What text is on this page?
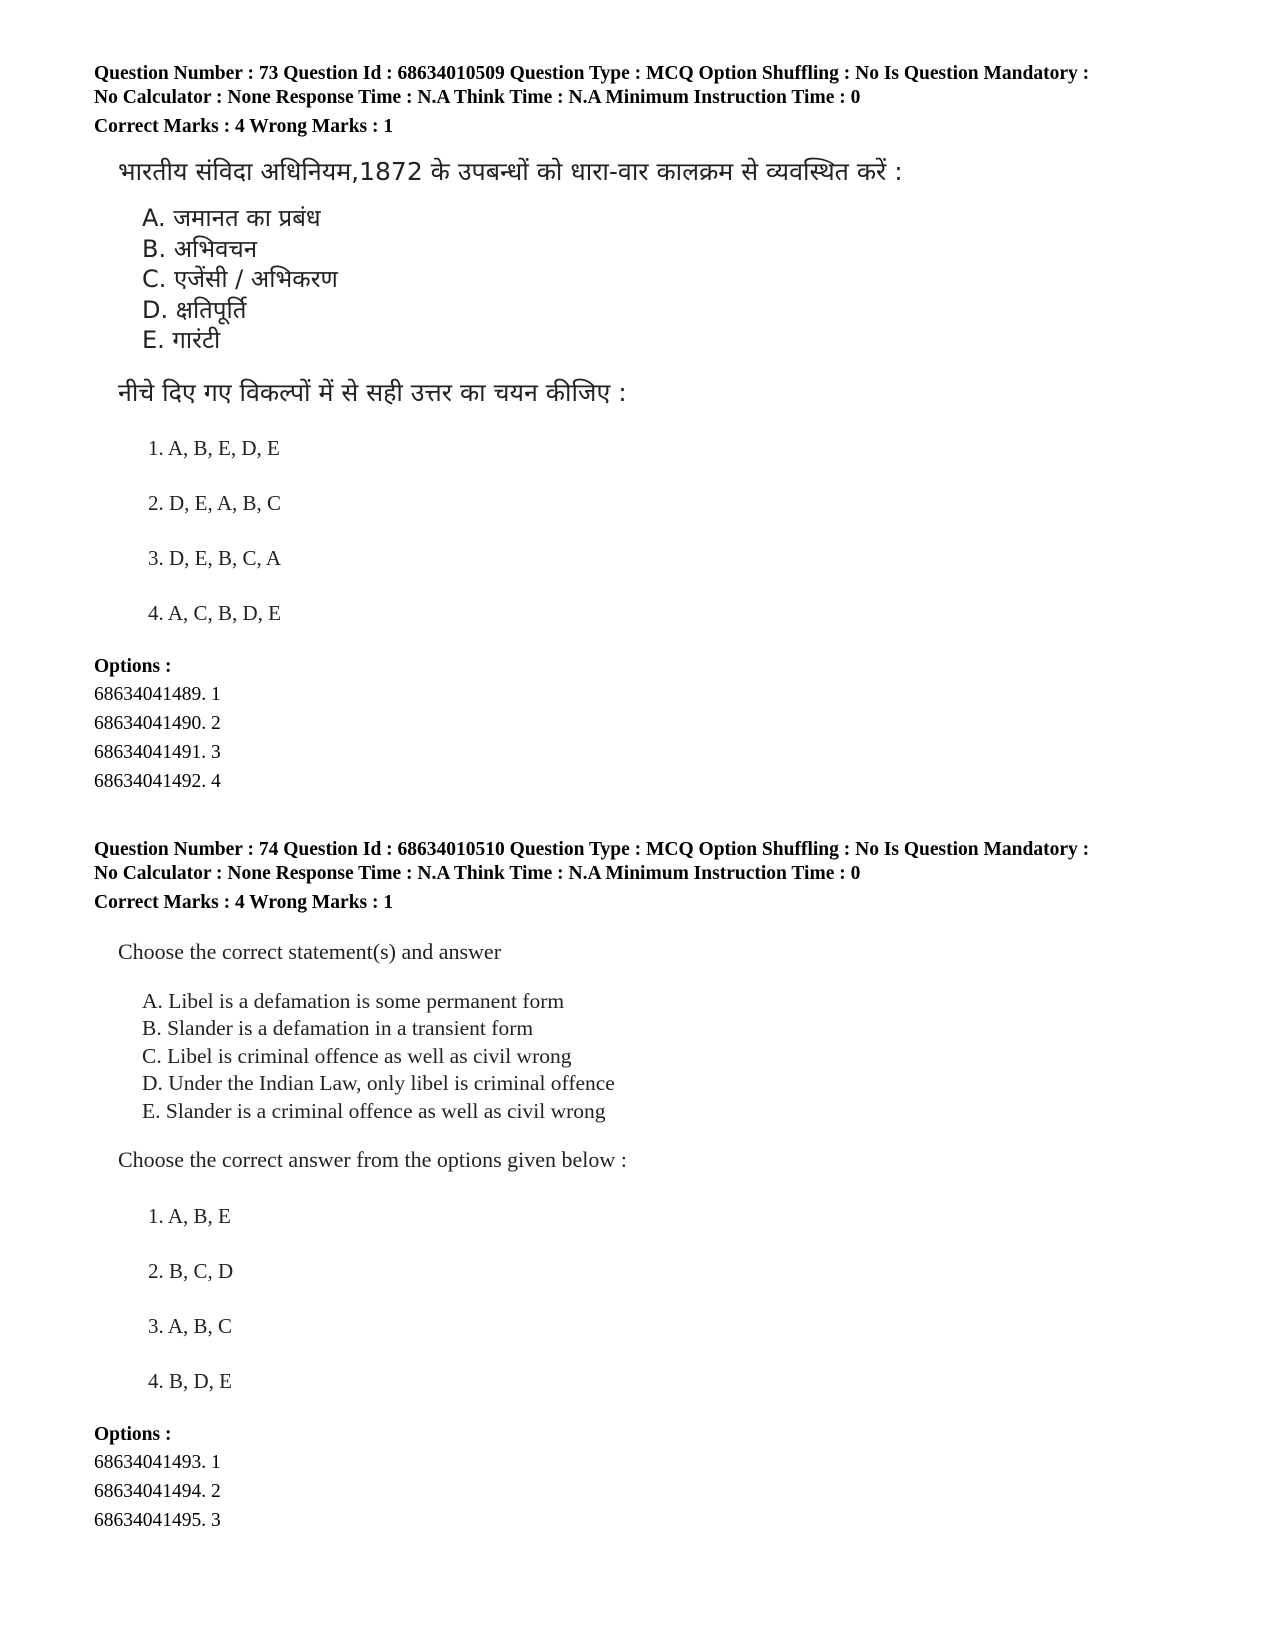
Question Number : 73 Question Id : 68634010509 Question Type : MCQ Option Shuffling : No Is Question Mandatory :
No Calculator : None Response Time : N.A Think Time : N.A Minimum Instruction Time : 0
Correct Marks : 4 Wrong Marks : 1
भारतीय संविदा अधिनियम,1872 के उपबन्धों को धारा-वार कालक्रम से व्यवस्थित करें :
A. जमानत का प्रबंध
B. अभिवचन
C. एजेंसी / अभिकरण
D. क्षतिपूर्ति
E. गारंटी
नीचे दिए गए विकल्पों में से सही उत्तर का चयन कीजिए :
1. A, B, E, D, E
2. D, E, A, B, C
3. D, E, B, C, A
4. A, C, B, D, E
Options :
68634041489. 1
68634041490. 2
68634041491. 3
68634041492. 4
Question Number : 74 Question Id : 68634010510 Question Type : MCQ Option Shuffling : No Is Question Mandatory :
No Calculator : None Response Time : N.A Think Time : N.A Minimum Instruction Time : 0
Correct Marks : 4 Wrong Marks : 1
Choose the correct statement(s) and answer
A. Libel is a defamation is some permanent form
B. Slander is a defamation in a transient form
C. Libel is criminal offence as well as civil wrong
D. Under the Indian Law, only libel is criminal offence
E. Slander is a criminal offence as well as civil wrong
Choose the correct answer from the options given below :
1. A, B, E
2. B, C, D
3. A, B, C
4. B, D, E
Options :
68634041493. 1
68634041494. 2
68634041495. 3
